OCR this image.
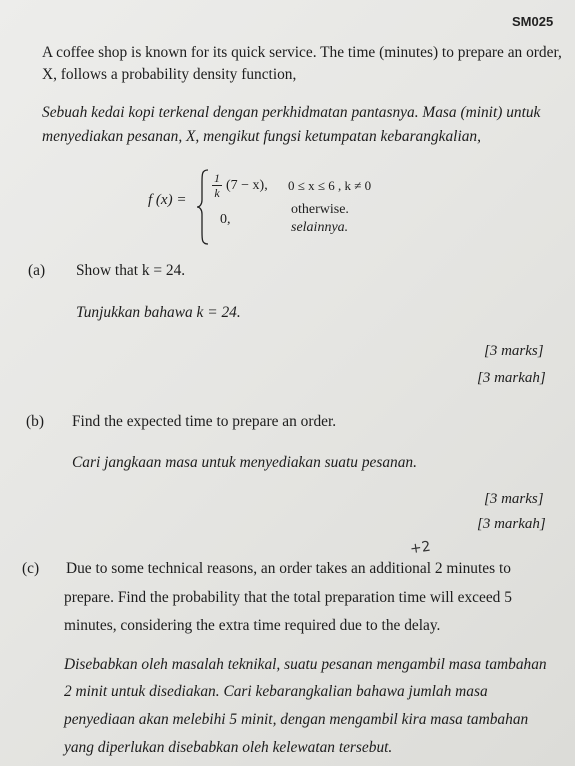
SM025
A coffee shop is known for its quick service. The time (minutes) to prepare an order,
X, follows a probability density function,
Sebuah kedai kopi terkenal dengan perkhidmatan pantasnya. Masa (minit) untuk
menyediakan pesanan, X, mengikut fungsi ketumpatan kebarangkalian,
f (x) =
1
k (7 − x), 0 ≤ x ≤ 6 , k ≠ 0
0,
otherwise.
selainnya.
(a) Show that k = 24.
Tunjukkan bahawa k = 24.
[3 marks]
[3 markah]
(b) Find the expected time to prepare an order.
Cari jangkaan masa untuk menyediakan suatu pesanan.
[3 marks]
[3 markah]
+2
(c) Due to some technical reasons, an order takes an additional 2 minutes to
prepare. Find the probability that the total preparation time will exceed 5
minutes, considering the extra time required due to the delay.
Disebabkan oleh masalah teknikal, suatu pesanan mengambil masa tambahan
2 minit untuk disediakan. Cari kebarangkalian bahawa jumlah masa
penyediaan akan melebihi 5 minit, dengan mengambil kira masa tambahan
yang diperlukan disebabkan oleh kelewatan tersebut.
